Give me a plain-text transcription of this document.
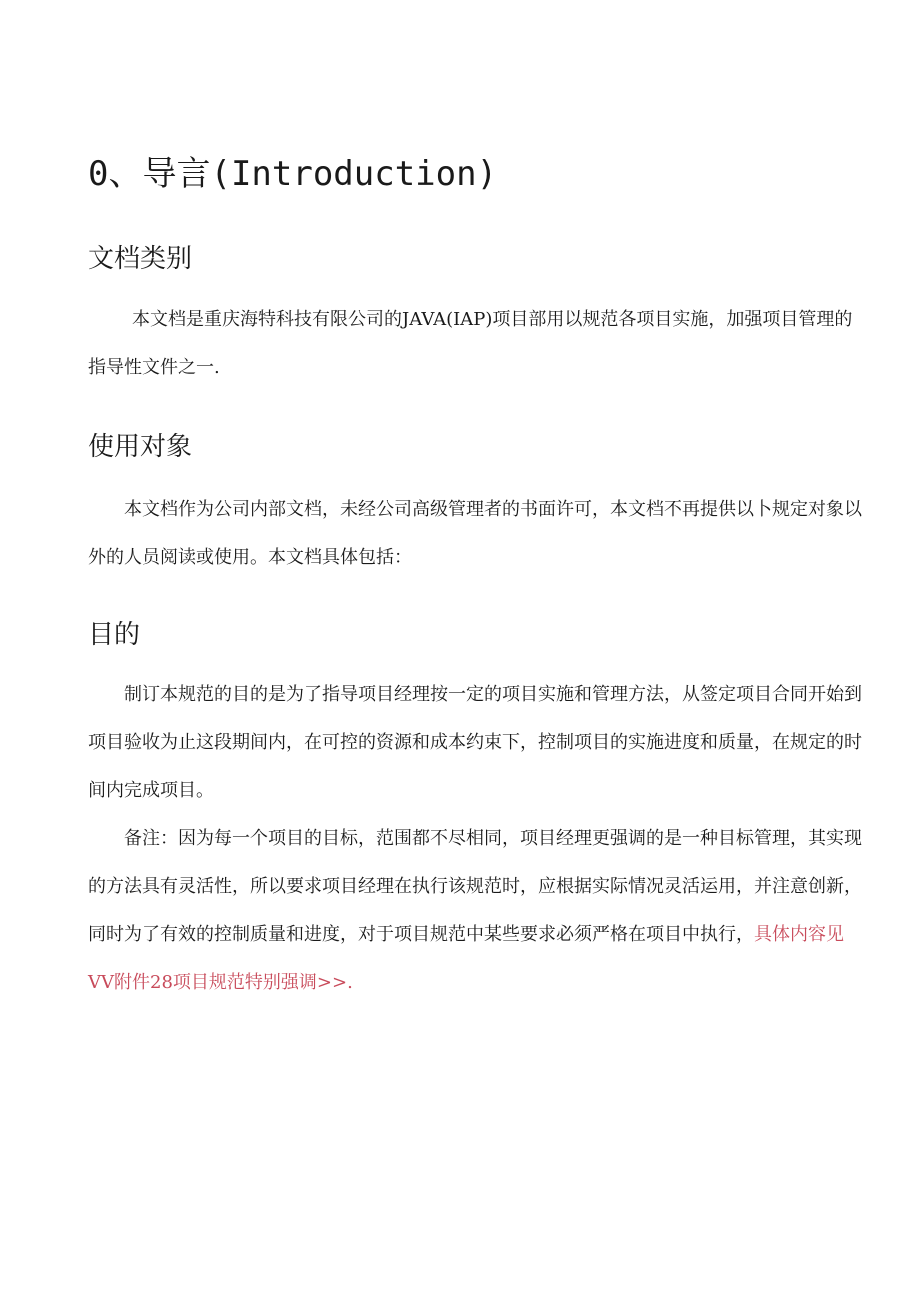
0、导言(Introduction)
文档类别

本文档是重庆海特科技有限公司的JAVA(IAP)项目部用以规范各项目实施，加强项目管理的指导性文件之一.

使用对象

本文档作为公司内部文档，未经公司高级管理者的书面许可，本文档不再提供以卜规定对象以外的人员阅读或使用。本文档具体包括：

目的

制订本规范的目的是为了指导项目经理按一定的项目实施和管理方法，从签定项目合同开始到项目验收为止这段期间内，在可控的资源和成本约束下，控制项目的实施进度和质量，在规定的时间内完成项目。

备注：因为每一个项目的目标，范围都不尽相同，项目经理更强调的是一种目标管理，其实现的方法具有灵活性，所以要求项目经理在执行该规范时，应根据实际情况灵活运用，并注意创新，同时为了有效的控制质量和进度，对于项目规范中某些要求必须严格在项目中执行，具体内容见VV附件28项目规范特别强调>>.
